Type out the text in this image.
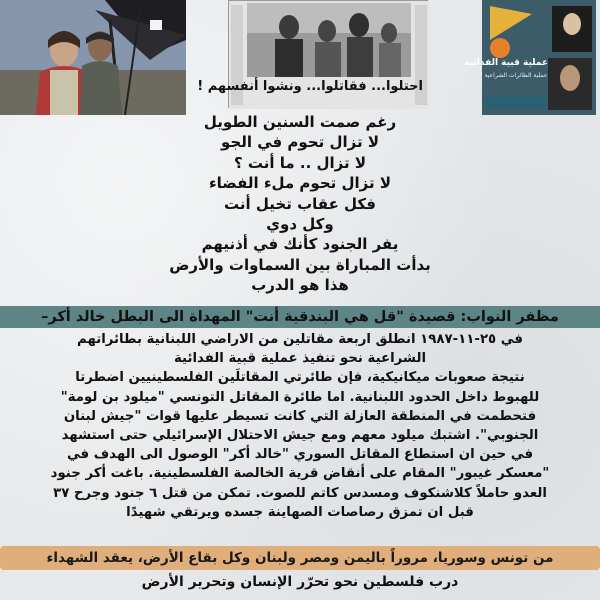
احتلوا... فقاتلوا... ونشوا أنفسهم !
عملية قبية الفدائية
عملية الطائرات الشراعية
رغم صمت السنين الطويل
لا تزال تحوم في الجو
لا تزال .. ما أنت ؟
لا تزال تحوم ملء الفضاء
فكل عقاب تخيل أنت
وكل دوي
يفر الجنود كأنك في أذنيهم
بدأت المباراة بين السماوات والأرض
هذا هو الدرب
مظفر النواب: قصيدة "قل هي البندقية أنت" المهداة الى البطل خالد أكر–
في ٢٥-١١-١٩٨٧ انطلق اربعة مقاتلين من الاراضي اللبنانية بطائراتهم
الشراعية نحو تنفيذ عملية قبية الفدائية
نتيجة صعوبات ميكانيكية، فإن طائرتي المقاتلَين الفلسطينيين اضطرتا
للهبوط داخل الحدود اللبنانية. اما طائرة المقاتل التونسي "ميلود بن لومة"
فتحطمت في المنطقة العازلة التي كانت تسيطر عليها قوات "جيش لبنان
الجنوبي". اشتبك ميلود معهم ومع جيش الاحتلال الإسرائيلي حتى استشهد
في حين ان استطاع المقاتل السوري "خالد أكر" الوصول الى الهدف في
"معسكر غيبور" المقام على أنقاض قرية الخالصة الفلسطينية. باغت أكر جنود
العدو حاملاً كلاشنكوف ومسدس كاتم للصوت. تمكن من قتل ٦ جنود وجرح ٣٧
قبل ان تمزق رصاصات الصهاينة جسده ويرتقي شهيدًا
من تونس وسوريا، مروراً باليمن ومصر ولبنان وكل بقاع الأرض، يعقد الشهداء
درب فلسطين نحو تحرّر الإنسان وتحرير الأرض
